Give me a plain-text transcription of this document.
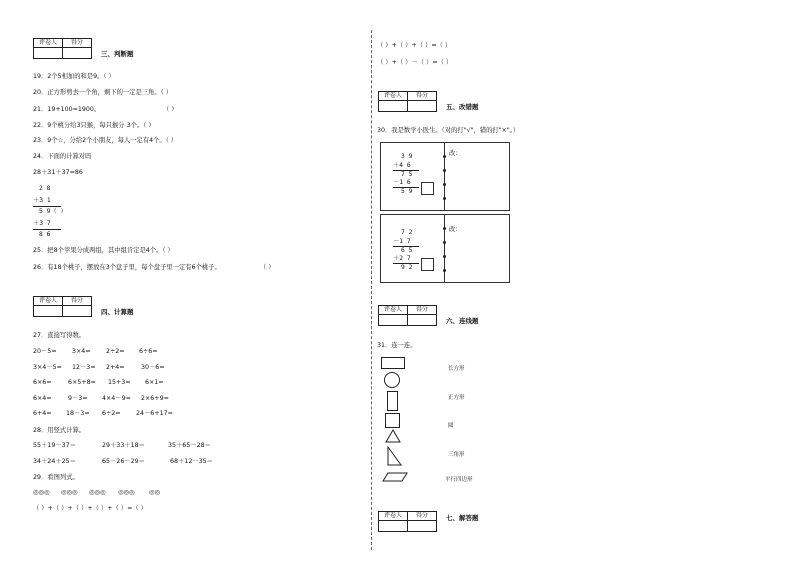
评卷人	得分

三、判断题
19．2个5相加的和是9。（ ）
20．正方形剪去一个角，剩下的一定是三角。（ ）
21．19+100=1900。	（ ）
22．9个桃分给3只猴，每只猴分 3个。（ ）
23．9个☆，分给2个小朋友，每人一定有4个。（ ）
24．下面的计算对吗
28＋31＋37=86
2 8
＋3 1
5 9（ ）
＋3 7
8 6
25．把8个苹果分成两组，其中组肯定是4个。（ ）
26．有18个桃子，摆放在3个盘子里，每个盘子里一定有6个桃子。	（ ）
评卷人	得分

四、计算题
27．直接写得数。
20－5= 3×4= 2÷2= 6÷6=
3×4－5= 12－3= 2+4=	30－6=
6×6=	6×5+8= 15+3= 6×1=
6×4=	9－3= 4×4－9= 2×6+9=
6+4= 18－3= 6÷2= 24－6+17=
28．用竖式计算。
55＋19－37＝	29＋33＋18＝	35＋65－28＝
34＋24＋25＝	65－26－29＝	68＋12－35＝
29．看图列式。
◎◎◎ ◎◎◎ ◎◎◎ ◎◎◎ ◎◎
（ ）+（ ）+（ ）+（ ）+（ ）=（ ）
（ ）+（ ）+（ ）=（ ）
（ ）+（ ）－（ ）=（ ）
评卷人	得分

五、改错题
30．我是数学小医生。（对的打"√"，错的打"×"。）
改：
3 9
＋4 6
7 5
－1 6
5 9
改：
7 2
－1 7
6 5
＋2 7
9 2
评卷人	得分

六、连线题
31．连一连。
长方形
正方形
圆
三角形
平行四边形
评卷人	得分
		七、解答题
